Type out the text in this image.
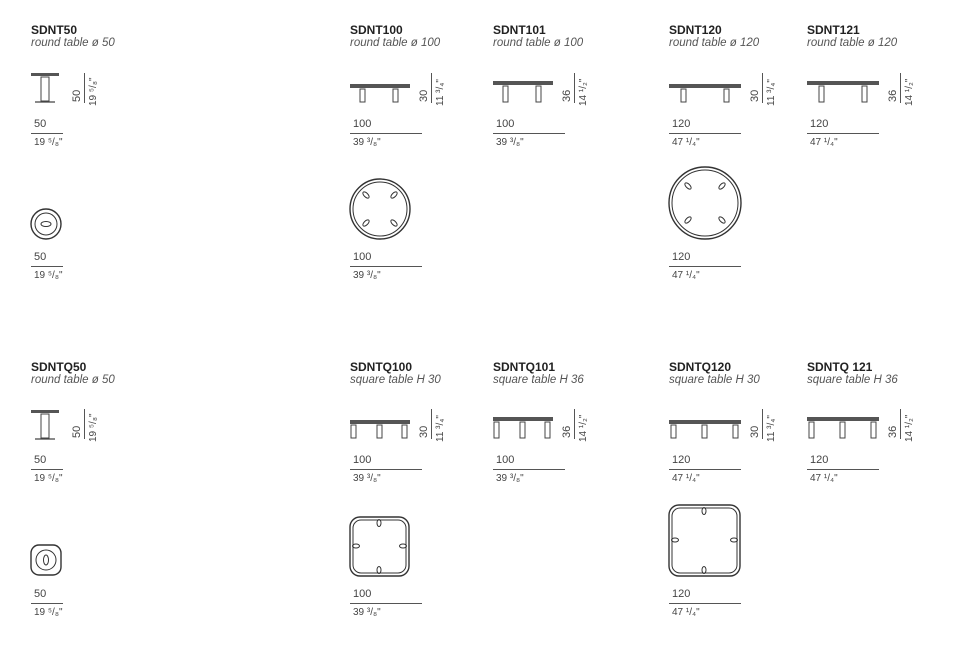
SDNT50
round table ø 50
50 19 ⁵/₈"
50
19 ⁵/₈"
50
19 ⁵/₈"
SDNT100
round table ø 100
30 11 ³/₄"
100
39 ³/₈"
100
39 ³/₈"
SDNT101
round table ø 100
36 14 ¹/₂"
100
39 ³/₈"
SDNT120
round table ø 120
30 11 ³/₄"
120
47 ¹/₄"
120
47 ¹/₄"
SDNT121
round table ø 120
36 14 ¹/₂"
120
47 ¹/₄"
SDNTQ50
round table ø 50
50 19 ⁵/₈"
50
19 ⁵/₈"
50
19 ⁵/₈"
SDNTQ100
square table H 30
30 11 ³/₄"
100
39 ³/₈"
100
39 ³/₈"
SDNTQ101
square table H 36
36 14 ¹/₂"
100
39 ³/₈"
SDNTQ120
square table H 30
30 11 ³/₄"
120
47 ¹/₄"
120
47 ¹/₄"
SDNTQ 121
square table H 36
36 14 ¹/₂"
120
47 ¹/₄"
